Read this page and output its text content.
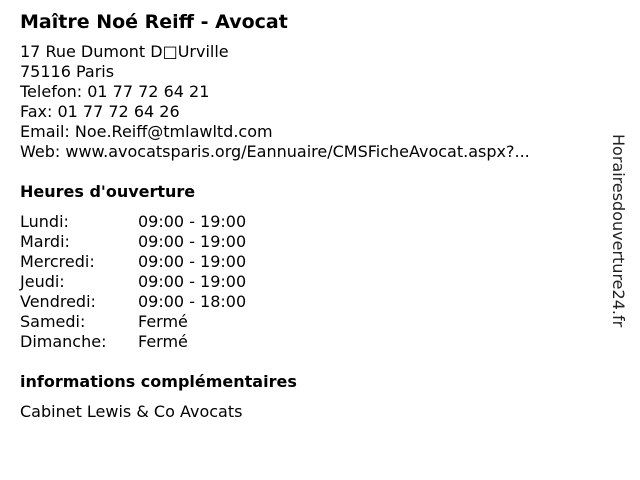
Maître Noé Reiff - Avocat
17 Rue Dumont D□Urville
75116 Paris
Telefon: 01 77 72 64 21
Fax: 01 77 72 64 26
Email: Noe.Reiff@tmlawltd.com
Web: www.avocatsparis.org/Eannuaire/CMSFicheAvocat.aspx?...
Heures d'ouverture
Lundi:	09:00 - 19:00
Mardi:	09:00 - 19:00
Mercredi:	09:00 - 19:00
Jeudi:	09:00 - 19:00
Vendredi:	09:00 - 18:00
Samedi:	Fermé
Dimanche:	Fermé
informations complémentaires
Cabinet Lewis & Co Avocats
Horairesdouverture24.fr
